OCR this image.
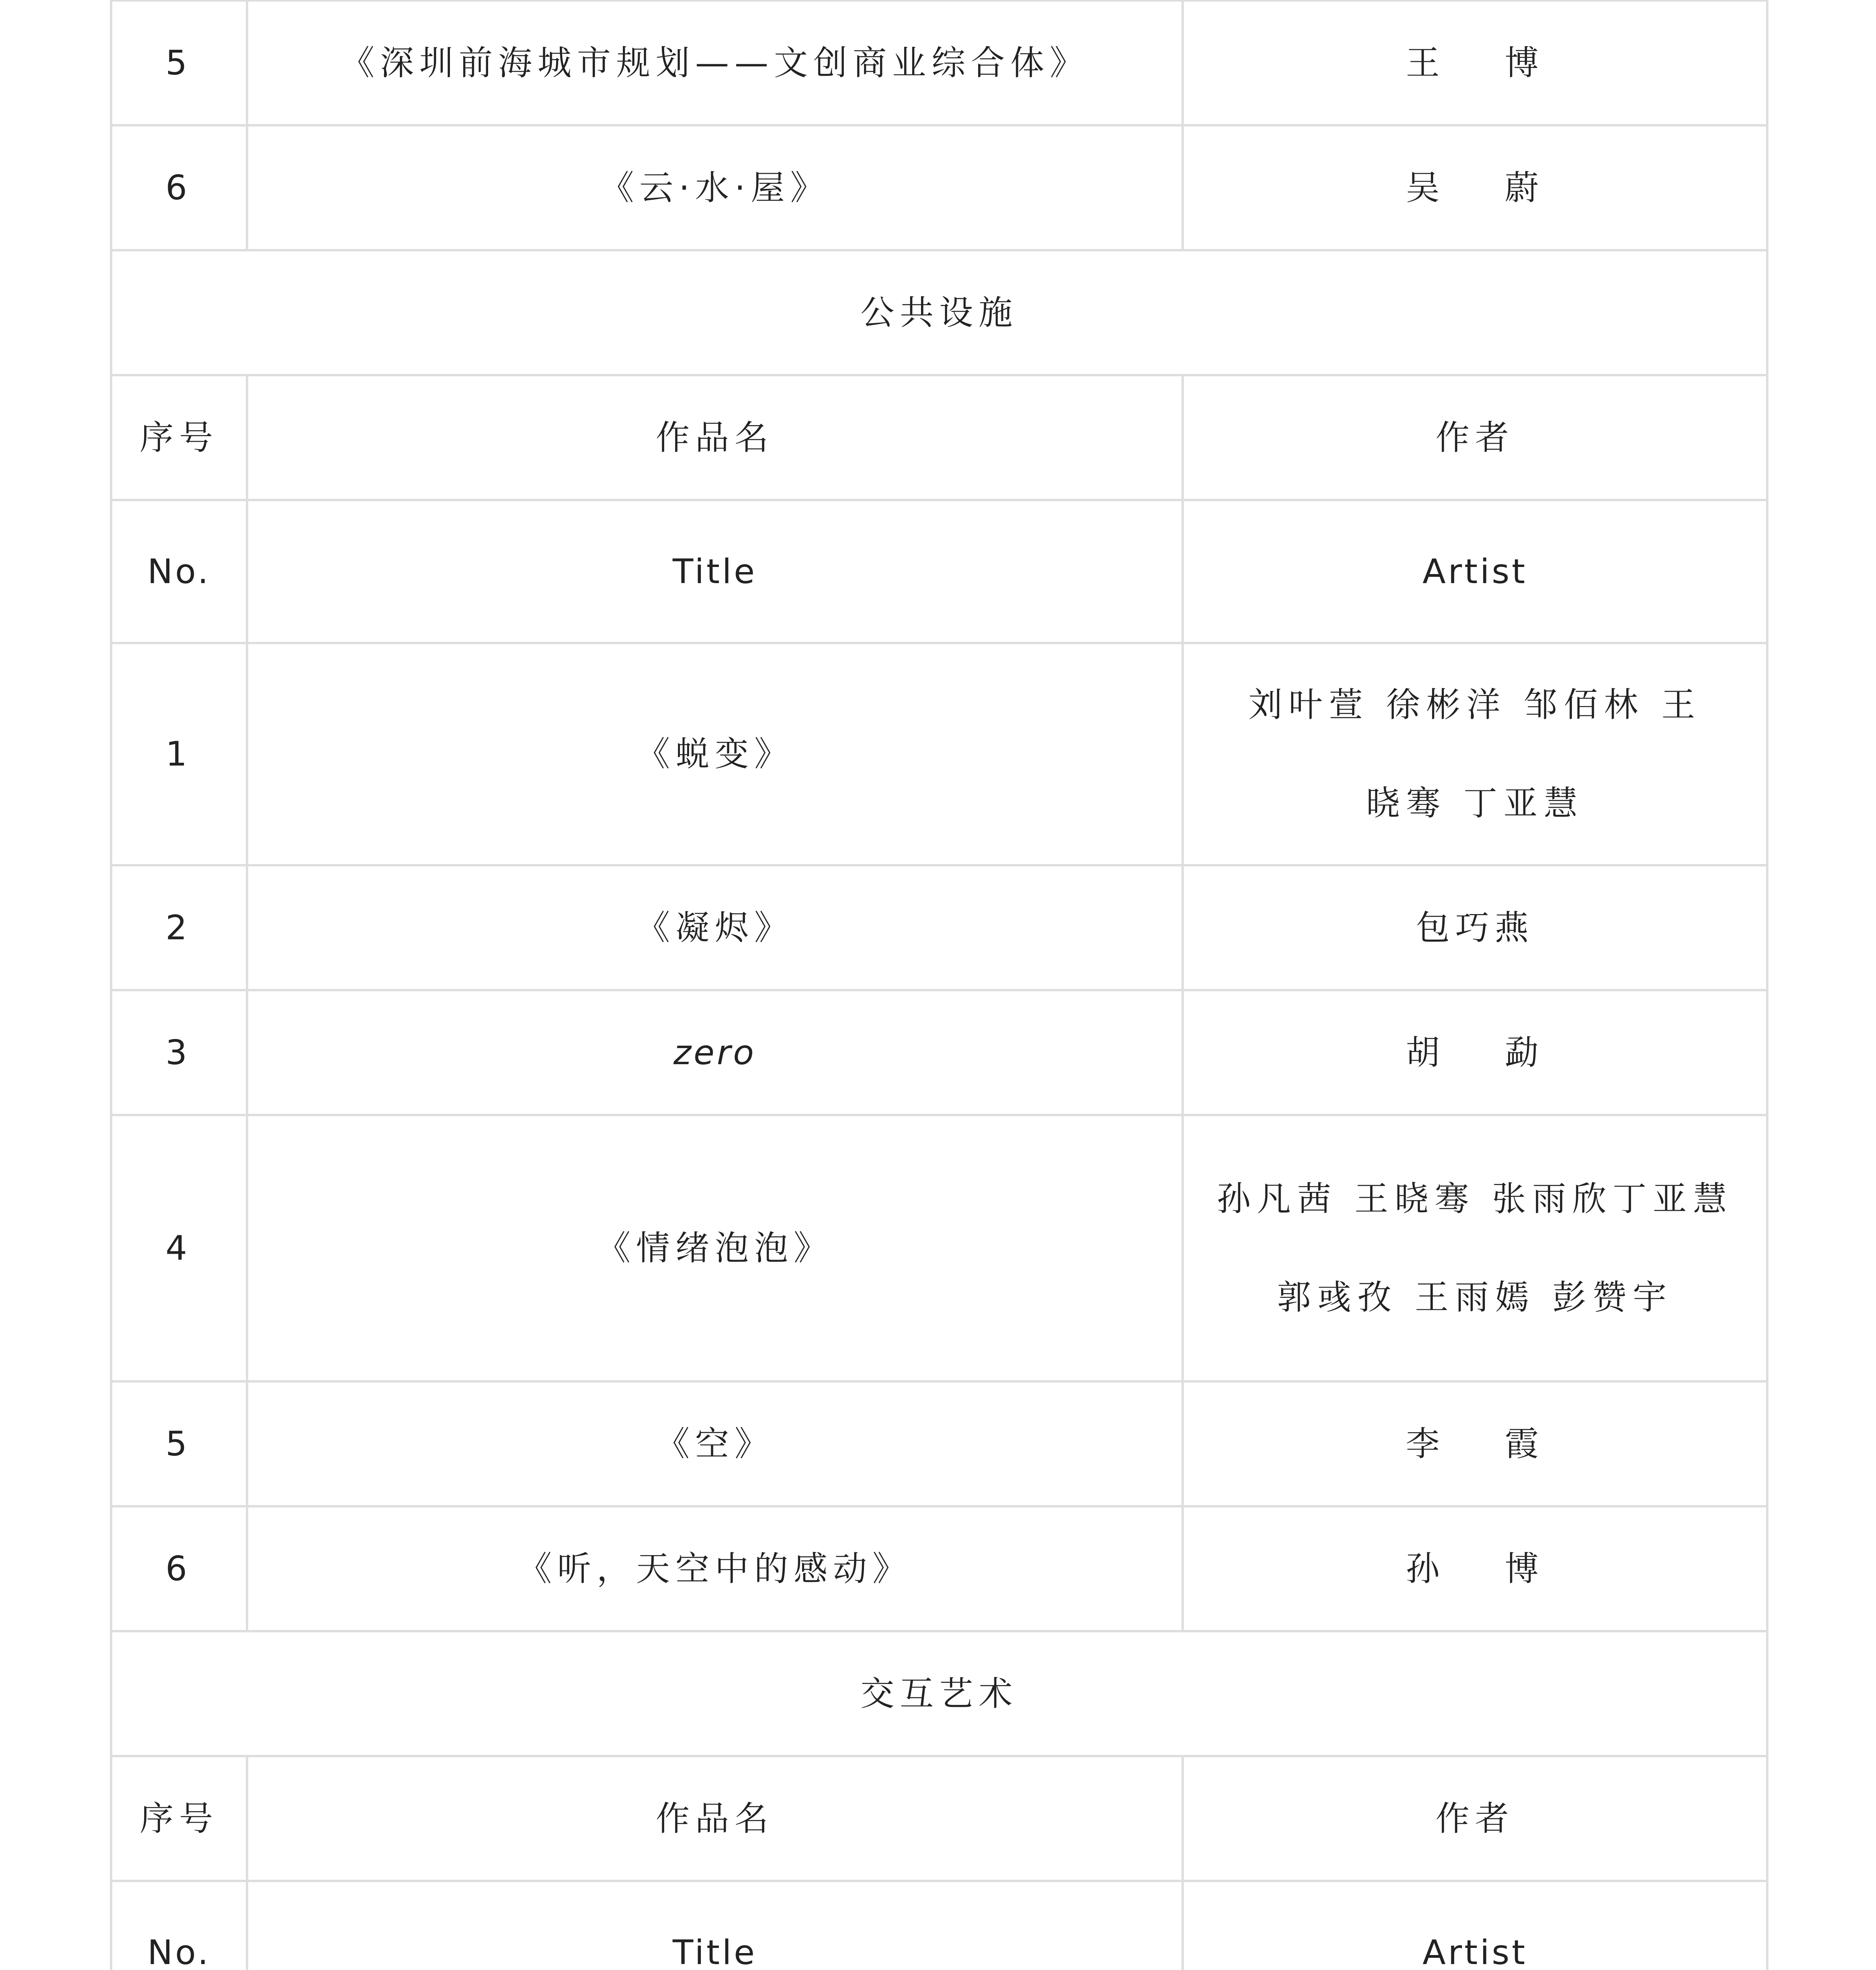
5	《深圳前海城市规划——文创商业综合体》	王 博
6	《云·水·屋》	吴 蔚
公共设施		
序号	作品名	作者
No.	Title	Artist
1	《蜕变》	刘叶萱 徐彬洋 邹佰林 王
晓骞 丁亚慧

2	《凝烬》	包巧燕
3	zero	胡 勐
4	《情绪泡泡》	孙凡茜 王晓骞 张雨欣丁亚慧
郭彧孜 王雨嫣 彭赞宇

5	《空》	李 霞
6	《听，天空中的感动》	孙 博
交互艺术		
序号	作品名	作者
No.	Title	Artist
